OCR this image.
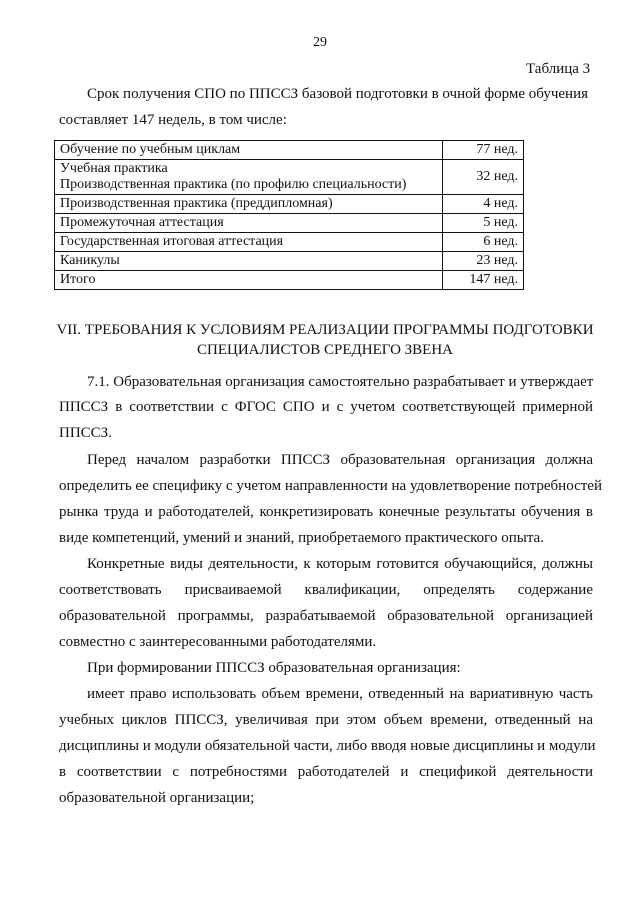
29
Таблица 3
Срок получения СПО по ППССЗ базовой подготовки в очной форме обучения
составляет 147 недель, в том числе:
Обучение по учебным циклам	77 нед.

Учебная практика
Производственная практика (по профилю специальности)	32 нед.
Производственная практика (преддипломная)	4 нед.
Промежуточная аттестация	5 нед.
Государственная итоговая аттестация	6 нед.
Каникулы	23 нед.
Итого	147 нед.
VII. ТРЕБОВАНИЯ К УСЛОВИЯМ РЕАЛИЗАЦИИ ПРОГРАММЫ ПОДГОТОВКИ
СПЕЦИАЛИСТОВ СРЕДНЕГО ЗВЕНА
7.1. Образовательная организация самостоятельно разрабатывает и утверждает
ППССЗ в соответствии с ФГОС СПО и с учетом соответствующей примерной
ППССЗ.
Перед началом разработки ППССЗ образовательная организация должна
определить ее специфику с учетом направленности на удовлетворение потребностей
рынка труда и работодателей, конкретизировать конечные результаты обучения в
виде компетенций, умений и знаний, приобретаемого практического опыта.
Конкретные виды деятельности, к которым готовится обучающийся, должны
соответствовать присваиваемой квалификации, определять содержание
образовательной программы, разрабатываемой образовательной организацией
совместно с заинтересованными работодателями.
При формировании ППССЗ образовательная организация:
имеет право использовать объем времени, отведенный на вариативную часть
учебных циклов ППССЗ, увеличивая при этом объем времени, отведенный на
дисциплины и модули обязательной части, либо вводя новые дисциплины и модули
в соответствии с потребностями работодателей и спецификой деятельности
образовательной организации;
